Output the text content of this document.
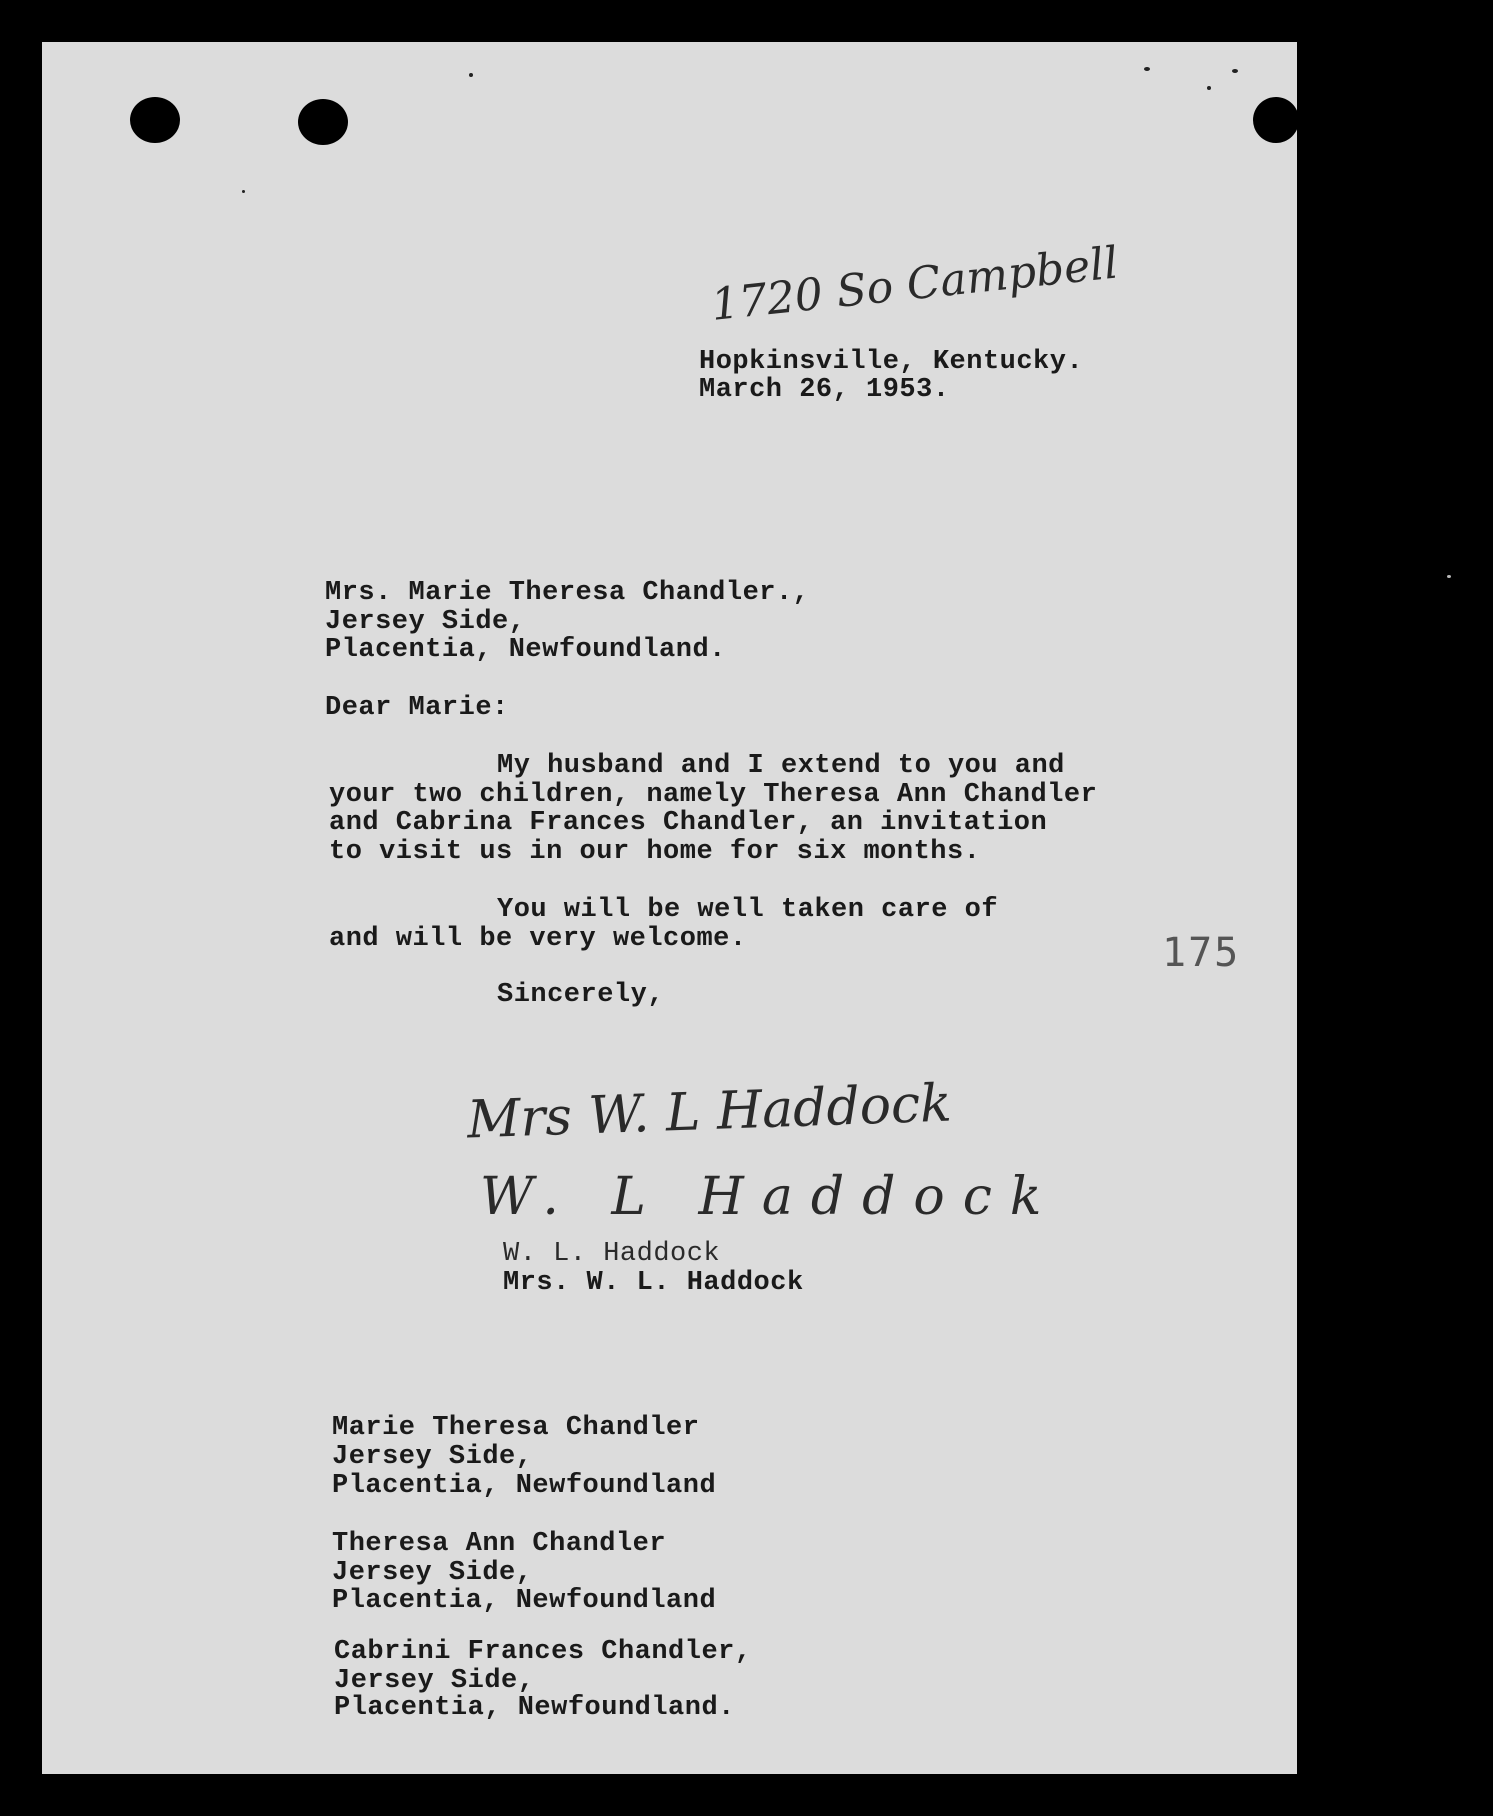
1720 So Campbell
Hopkinsville, Kentucky.
March 26, 1953.
Mrs. Marie Theresa Chandler.,
Jersey Side,
Placentia, Newfoundland.
Dear Marie:
My husband and I extend to you and
your two children, namely Theresa Ann Chandler
and Cabrina Frances Chandler, an invitation
to visit us in our home for six months.
You will be well taken care of
and will be very welcome.	175
Sincerely,
Mrs W. L Haddock
W. L Haddock
W. L. Haddock
Mrs. W. L. Haddock
Marie Theresa Chandler
Jersey Side,
Placentia, Newfoundland
Theresa Ann Chandler
Jersey Side,
Placentia, Newfoundland
Cabrini Frances Chandler,
Jersey Side,
Placentia, Newfoundland.
